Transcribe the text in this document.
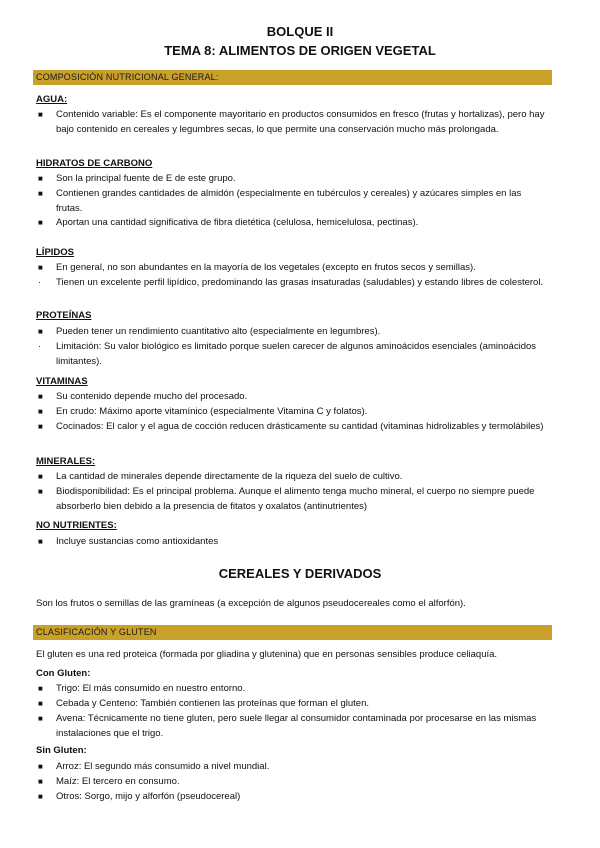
BOLQUE II
TEMA 8: ALIMENTOS DE ORIGEN VEGETAL
COMPOSICIÓN NUTRICIONAL GENERAL:
AGUA:
■	Contenido variable: Es el componente mayoritario en productos consumidos en fresco (frutas y hortalizas), pero hay bajo contenido en cereales y legumbres secas, lo que permite una conservación mucho más prolongada.
HIDRATOS DE CARBONO
■	Son la principal fuente de E de este grupo.
■	Contienen grandes cantidades de almidón (especialmente en tubérculos y cereales) y azúcares simples en las frutas.
■	Aportan una cantidad significativa de fibra dietética (celulosa, hemicelulosa, pectinas).
LÍPIDOS
■	En general, no son abundantes en la mayoría de los vegetales (excepto en frutos secos y semillas).
·	Tienen un excelente perfil lipídico, predominando las grasas insaturadas (saludables) y estando libres de colesterol.
PROTEÍNAS
■	Pueden tener un rendimiento cuantitativo alto (especialmente en legumbres).
·	Limitación: Su valor biológico es limitado porque suelen carecer de algunos aminoácidos esenciales (aminoácidos limitantes).
VITAMINAS
■	Su contenido depende mucho del procesado.
■	En crudo: Máximo aporte vitamínico (especialmente Vitamina C y folatos).
■	Cocinados: El calor y el agua de cocción reducen drásticamente su cantidad (vitaminas hidrolizables y termolábiles)
MINERALES:
■	La cantidad de minerales depende directamente de la riqueza del suelo de cultivo.
■	Biodisponibilidad: Es el principal problema. Aunque el alimento tenga mucho mineral, el cuerpo no siempre puede absorberlo bien debido a la presencia de fitatos y oxalatos (antinutrientes)
NO NUTRIENTES:
■	Incluye sustancias como antioxidantes
CEREALES Y DERIVADOS
Son los frutos o semillas de las gramíneas (a excepción de algunos pseudocereales como el alforfón).
CLASIFICACIÓN Y GLUTEN
El gluten es una red proteica (formada por gliadina y glutenina) que en personas sensibles produce celiaquía.
Con Gluten:
■	Trigo: El más consumido en nuestro entorno.
■	Cebada y Centeno: También contienen las proteínas que forman el gluten.
■	Avena: Técnicamente no tiene gluten, pero suele llegar al consumidor contaminada por procesarse en las mismas instalaciones que el trigo.
Sin Gluten:
■	Arroz: El segundo más consumido a nivel mundial.
■	Maíz: El tercero en consumo.
■	Otros: Sorgo, mijo y alforfón (pseudocereal)
